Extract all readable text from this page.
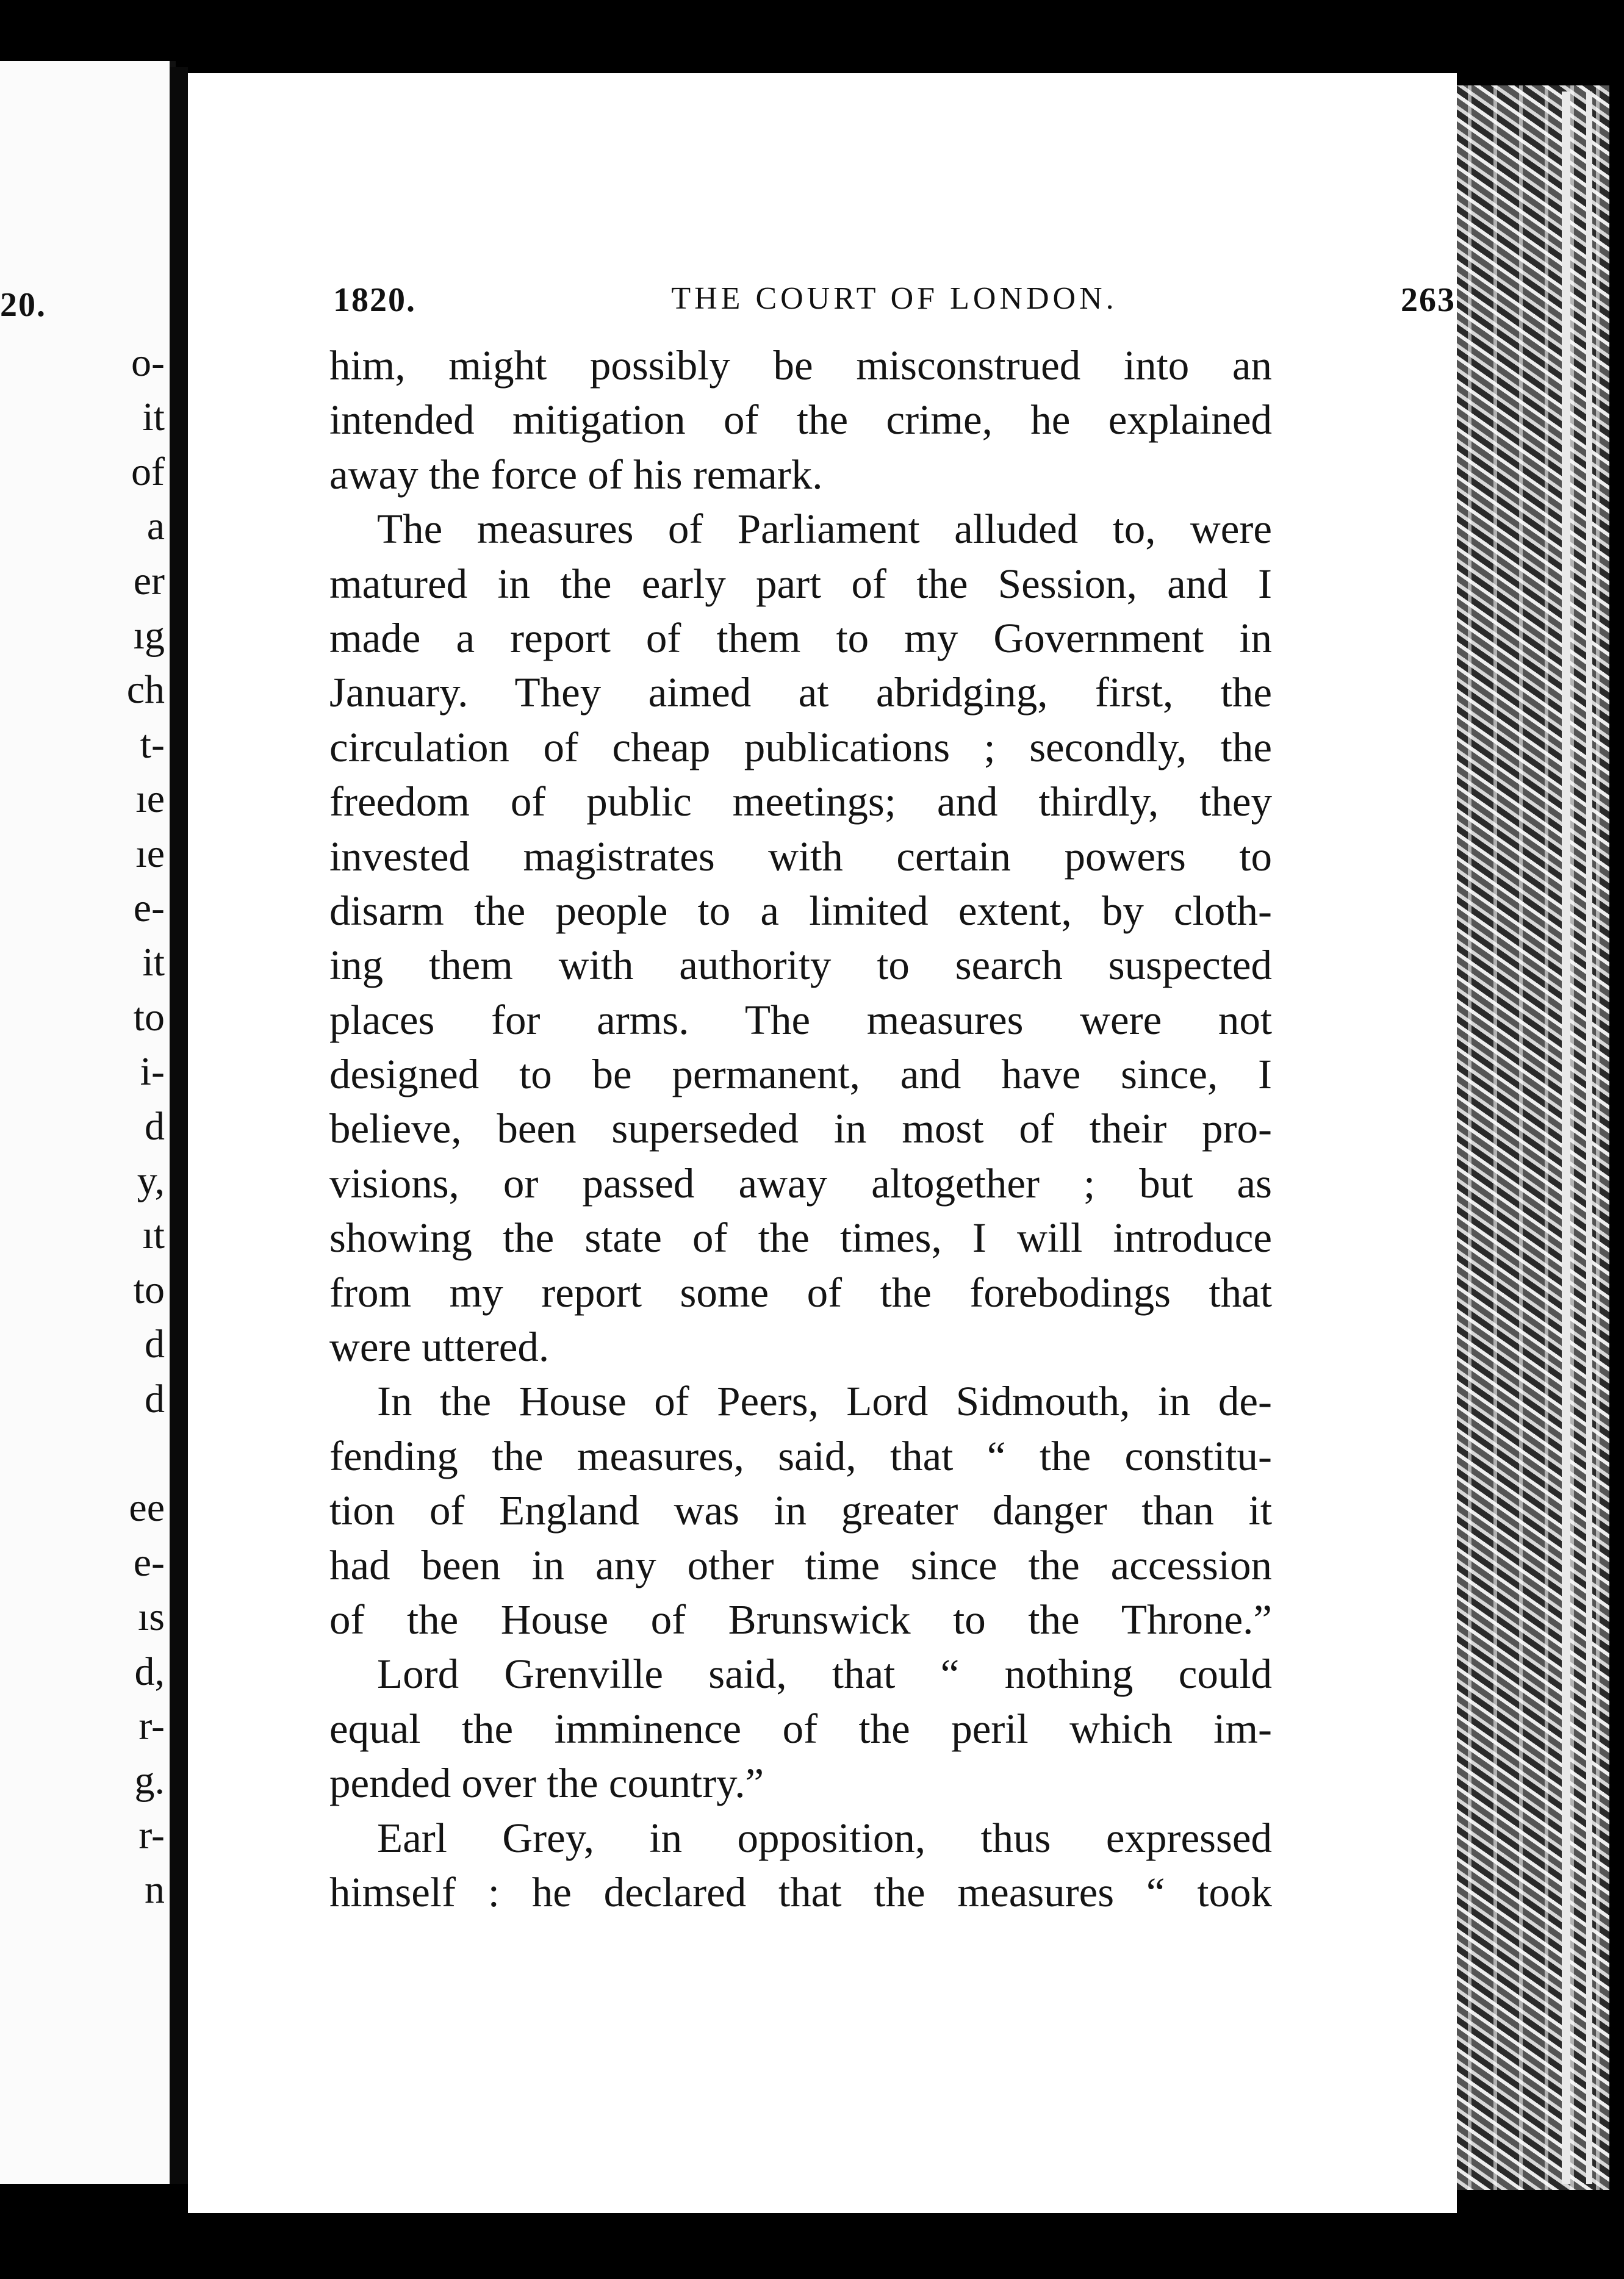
20.
o-
it
of
a
er
ıg
ch
t-
ıe
ıe
e-
it
to
i-
d
y,
ıt
to
d
d
ee
e-
ıs
d,
r-
g.
r-
n
1820.	THE COURT OF LONDON.	263
him, might possibly be misconstrued into an
intended mitigation of the crime, he explained
away the force of his remark.
The measures of Parliament alluded to, were
matured in the early part of the Session, and I
made a report of them to my Government in
January. They aimed at abridging, first, the
circulation of cheap publications ; secondly, the
freedom of public meetings; and thirdly, they
invested magistrates with certain powers to
disarm the people to a limited extent, by cloth-
ing them with authority to search suspected
places for arms. The measures were not
designed to be permanent, and have since, I
believe, been superseded in most of their pro-
visions, or passed away altogether ; but as
showing the state of the times, I will introduce
from my report some of the forebodings that
were uttered.
In the House of Peers, Lord Sidmouth, in de-
fending the measures, said, that “ the constitu-
tion of England was in greater danger than it
had been in any other time since the accession
of the House of Brunswick to the Throne.”
Lord Grenville said, that “ nothing could
equal the imminence of the peril which im-
pended over the country.”
Earl Grey, in opposition, thus expressed
himself : he declared that the measures “ took
